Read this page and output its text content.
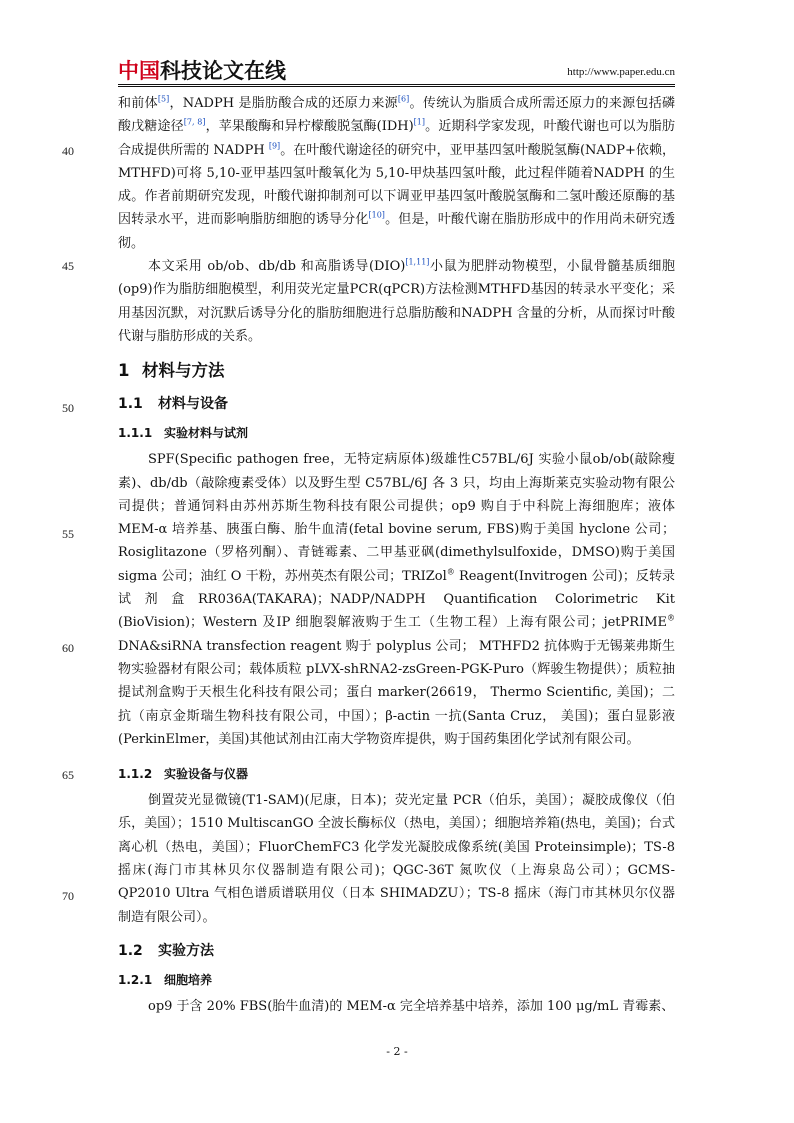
中国科技论文在线	http://www.paper.edu.cn
40
45
50
55
60
65
70

和前体[5]，NADPH 是脂肪酸合成的还原力来源[6]。传统认为脂质合成所需还原力的来源包括磷酸戊糖途径[7, 8]，苹果酸酶和异柠檬酸脱氢酶(IDH)[1]。近期科学家发现，叶酸代谢也可以为脂肪合成提供所需的 NADPH [9]。在叶酸代谢途径的研究中，亚甲基四氢叶酸脱氢酶(NADP+依赖，MTHFD)可将 5,10-亚甲基四氢叶酸氧化为 5,10-甲炔基四氢叶酸，此过程伴随着NADPH 的生成。作者前期研究发现，叶酸代谢抑制剂可以下调亚甲基四氢叶酸脱氢酶和二氢叶酸还原酶的基因转录水平，进而影响脂肪细胞的诱导分化[10]。但是，叶酸代谢在脂肪形成中的作用尚未研究透彻。

本文采用 ob/ob、db/db 和高脂诱导(DIO)[1,11]小鼠为肥胖动物模型，小鼠骨髓基质细胞(op9)作为脂肪细胞模型，利用荧光定量PCR(qPCR)方法检测MTHFD基因的转录水平变化；采用基因沉默，对沉默后诱导分化的脂肪细胞进行总脂肪酸和NADPH 含量的分析，从而探讨叶酸代谢与脂肪形成的关系。

1 材料与方法
1.1 材料与设备
1.1.1 实验材料与试剂

SPF(Specific pathogen free，无特定病原体)级雄性C57BL/6J 实验小鼠ob/ob(敲除瘦素)、db/db（敲除瘦素受体）以及野生型 C57BL/6J 各 3 只，均由上海斯莱克实验动物有限公司提供；普通饲料由苏州苏斯生物科技有限公司提供；op9 购自于中科院上海细胞库；液体MEM-α 培养基、胰蛋白酶、胎牛血清(fetal bovine serum, FBS)购于美国 hyclone 公司；Rosiglitazone（罗格列酮）、青链霉素、二甲基亚砜(dimethylsulfoxide，DMSO)购于美国 sigma 公司；油红 O 干粉，苏州英杰有限公司；TRIZol® Reagent(Invitrogen 公司)；反转录试剂盒RR036A(TAKARA)；NADP/NADPH Quantification Colorimetric Kit (BioVision)；Western 及IP 细胞裂解液购于生工（生物工程）上海有限公司；jetPRIME® DNA&siRNA transfection reagent 购于 polyplus 公司； MTHFD2 抗体购于无锡莱弗斯生物实验器材有限公司；载体质粒 pLVX-shRNA2-zsGreen-PGK-Puro（辉骏生物提供）；质粒抽提试剂盒购于天根生化科技有限公司；蛋白 marker(26619， Thermo Scientific, 美国)；二抗（南京金斯瑞生物科技有限公司，中国）；β-actin 一抗(Santa Cruz， 美国)；蛋白显影液(PerkinElmer，美国)其他试剂由江南大学物资库提供，购于国药集团化学试剂有限公司。

1.1.2 实验设备与仪器

倒置荧光显微镜(T1-SAM)(尼康，日本)；荧光定量 PCR（伯乐，美国）；凝胶成像仪（伯乐，美国）；1510 MultiscanGO 全波长酶标仪（热电，美国）；细胞培养箱(热电，美国)；台式离心机（热电，美国）；FluorChemFC3 化学发光凝胶成像系统(美国 Proteinsimple)；TS-8 摇床(海门市其林贝尔仪器制造有限公司)；QGC-36T 氮吹仪（上海泉岛公司）；GCMS-QP2010 Ultra 气相色谱质谱联用仪（日本 SHIMADZU）；TS-8 摇床（海门市其林贝尔仪器制造有限公司）。

1.2 实验方法
1.2.1 细胞培养

op9 于含 20% FBS(胎牛血清)的 MEM-α 完全培养基中培养，添加 100 μg/mL 青霉素、

- 2 -
